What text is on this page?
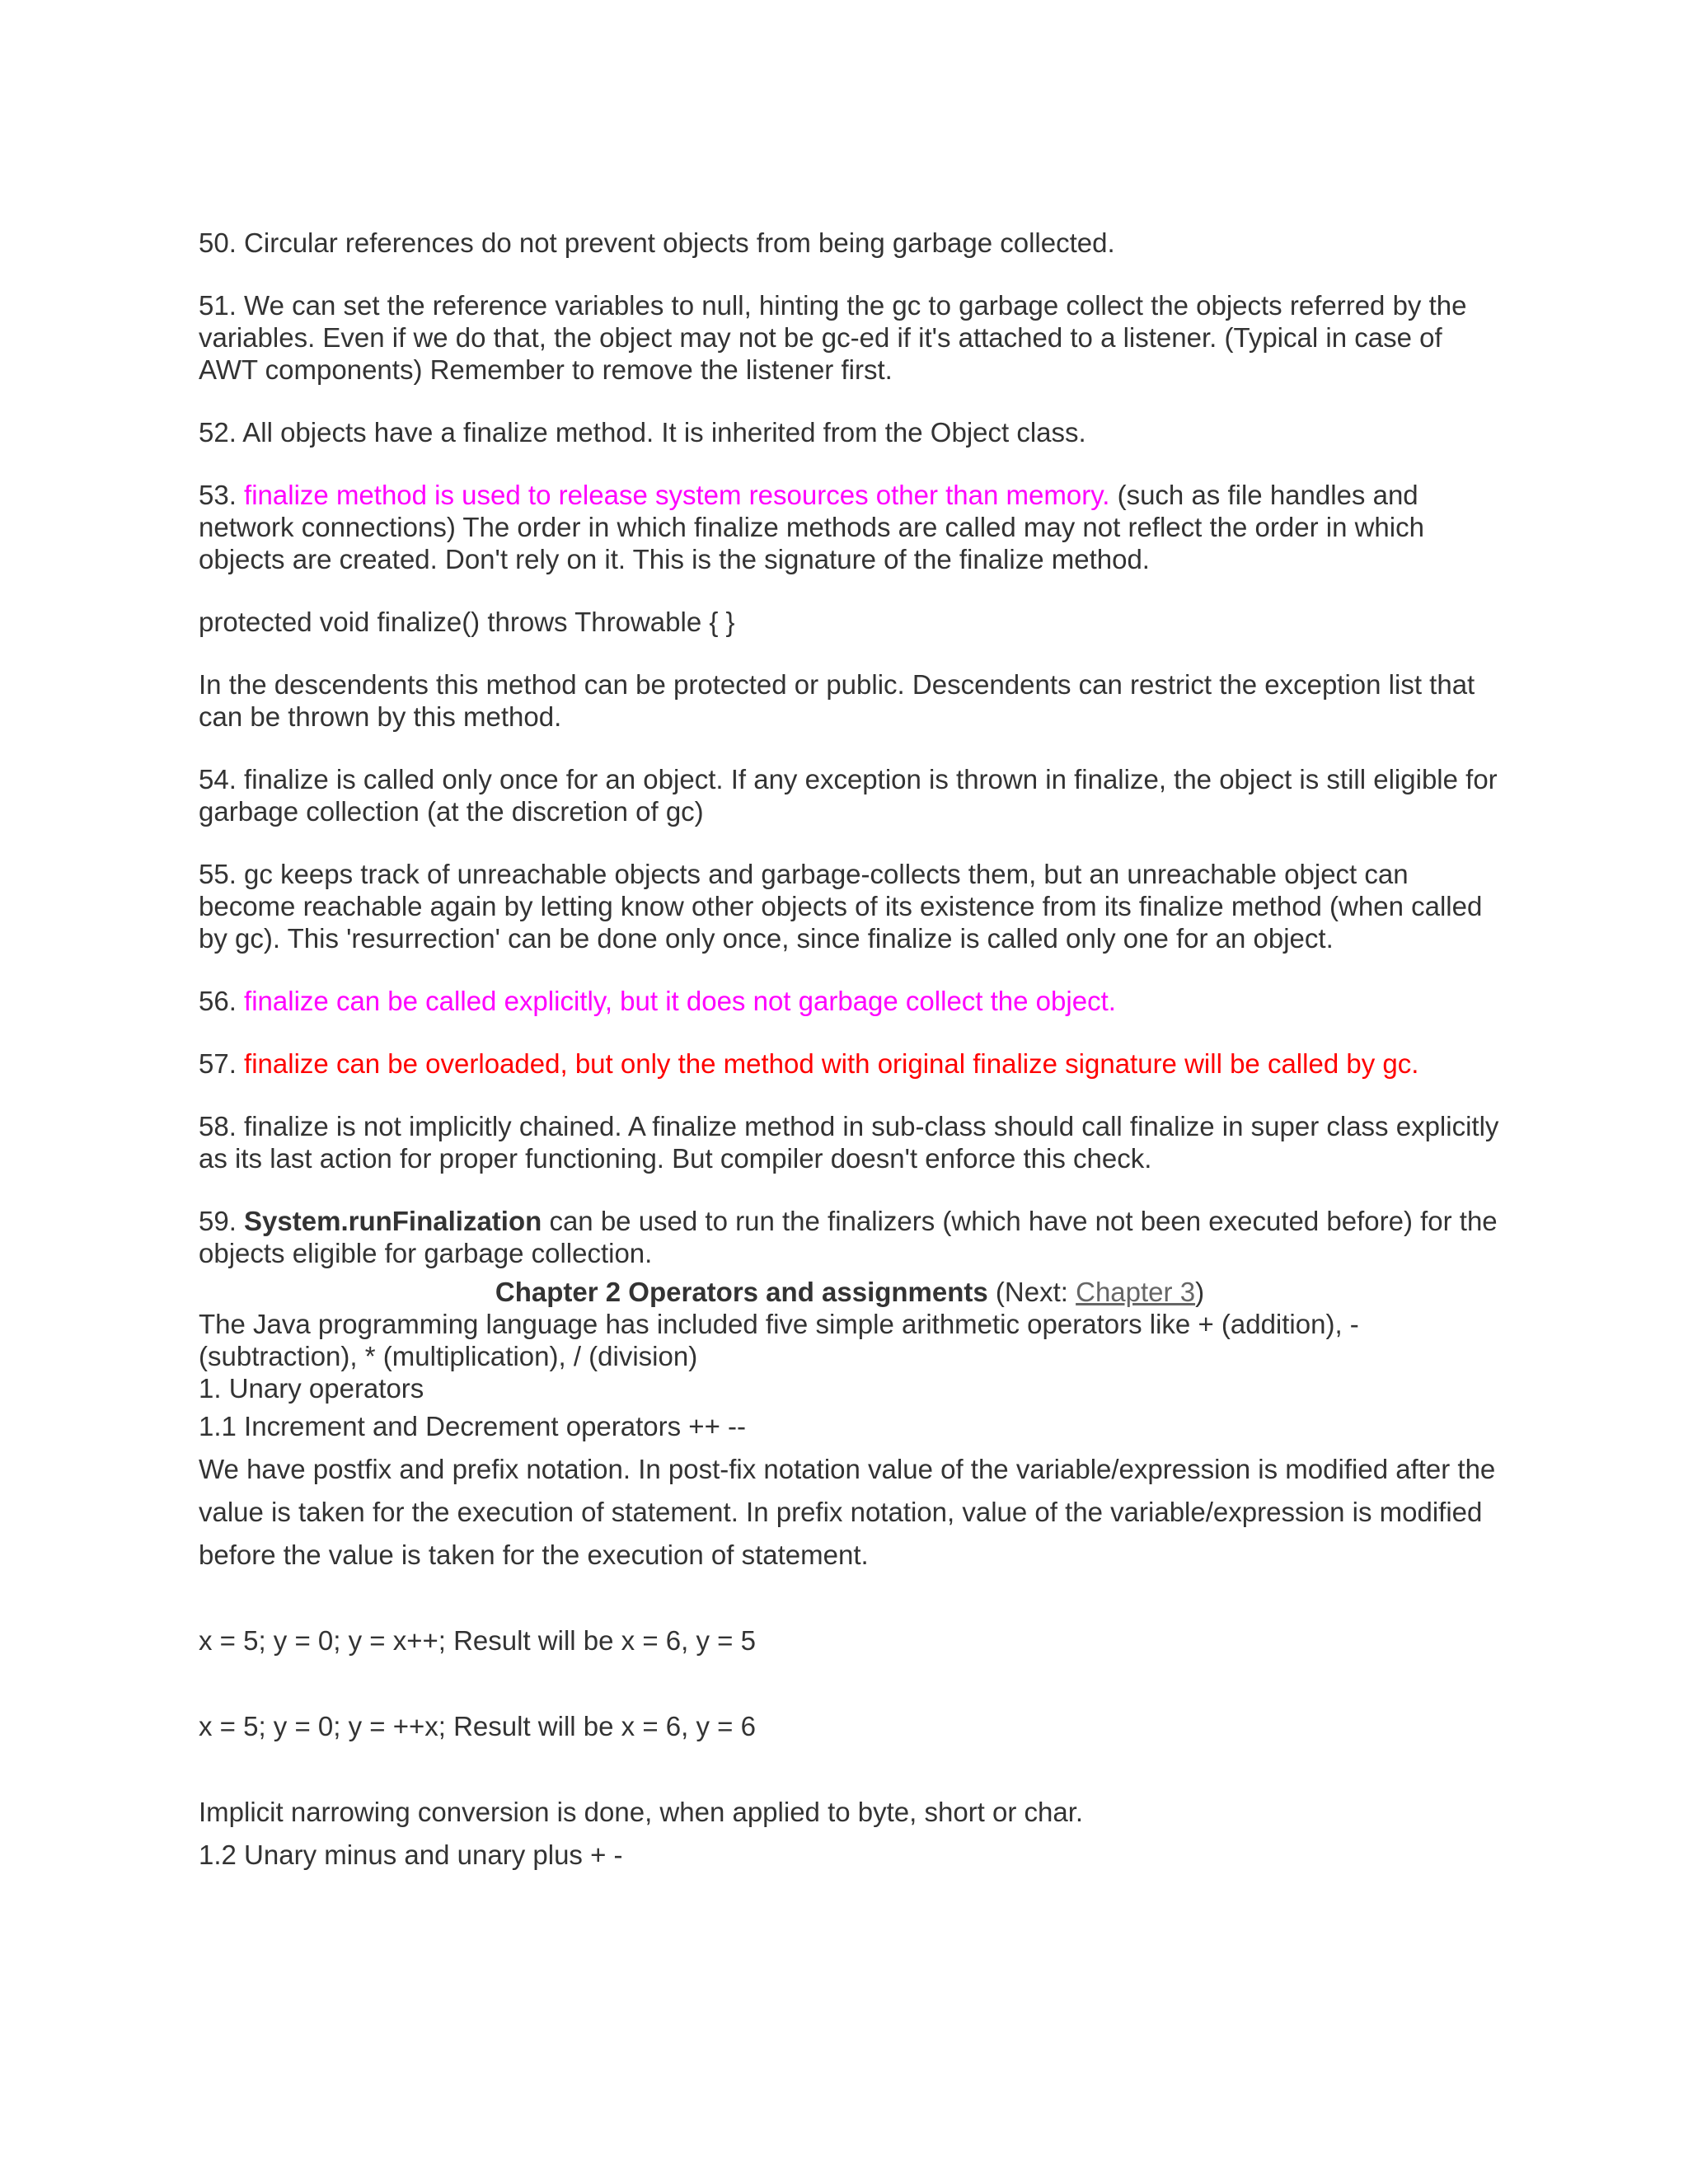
50. Circular references do not prevent objects from being garbage collected.

51. We can set the reference variables to null, hinting the gc to garbage collect the objects referred by the variables. Even if we do that, the object may not be gc-ed if it's attached to a listener. (Typical in case of AWT components) Remember to remove the listener first.

52. All objects have a finalize method. It is inherited from the Object class.

53. finalize method is used to release system resources other than memory. (such as file handles and network connections) The order in which finalize methods are called may not reflect the order in which objects are created. Don't rely on it. This is the signature of the finalize method.

protected void finalize() throws Throwable { }

In the descendents this method can be protected or public. Descendents can restrict the exception list that can be thrown by this method.

54. finalize is called only once for an object. If any exception is thrown in finalize, the object is still eligible for garbage collection (at the discretion of gc)

55. gc keeps track of unreachable objects and garbage-collects them, but an unreachable object can become reachable again by letting know other objects of its existence from its finalize method (when called by gc). This 'resurrection' can be done only once, since finalize is called only one for an object.

56. finalize can be called explicitly, but it does not garbage collect the object.

57. finalize can be overloaded, but only the method with original finalize signature will be called by gc.

58. finalize is not implicitly chained. A finalize method in sub-class should call finalize in super class explicitly as its last action for proper functioning. But compiler doesn't enforce this check.

59. System.runFinalization can be used to run the finalizers (which have not been executed before) for the objects eligible for garbage collection.

Chapter 2 Operators and assignments (Next: Chapter 3)

The Java programming language has included five simple arithmetic operators like + (addition), - (subtraction), * (multiplication), / (division)

1. Unary operators

1.1 Increment and Decrement operators ++ --

We have postfix and prefix notation. In post-fix notation value of the variable/expression is modified after the value is taken for the execution of statement. In prefix notation, value of the variable/expression is modified before the value is taken for the execution of statement.

x = 5; y = 0; y = x++; Result will be x = 6, y = 5

x = 5; y = 0; y = ++x; Result will be x = 6, y = 6

Implicit narrowing conversion is done, when applied to byte, short or char.

1.2 Unary minus and unary plus + -
